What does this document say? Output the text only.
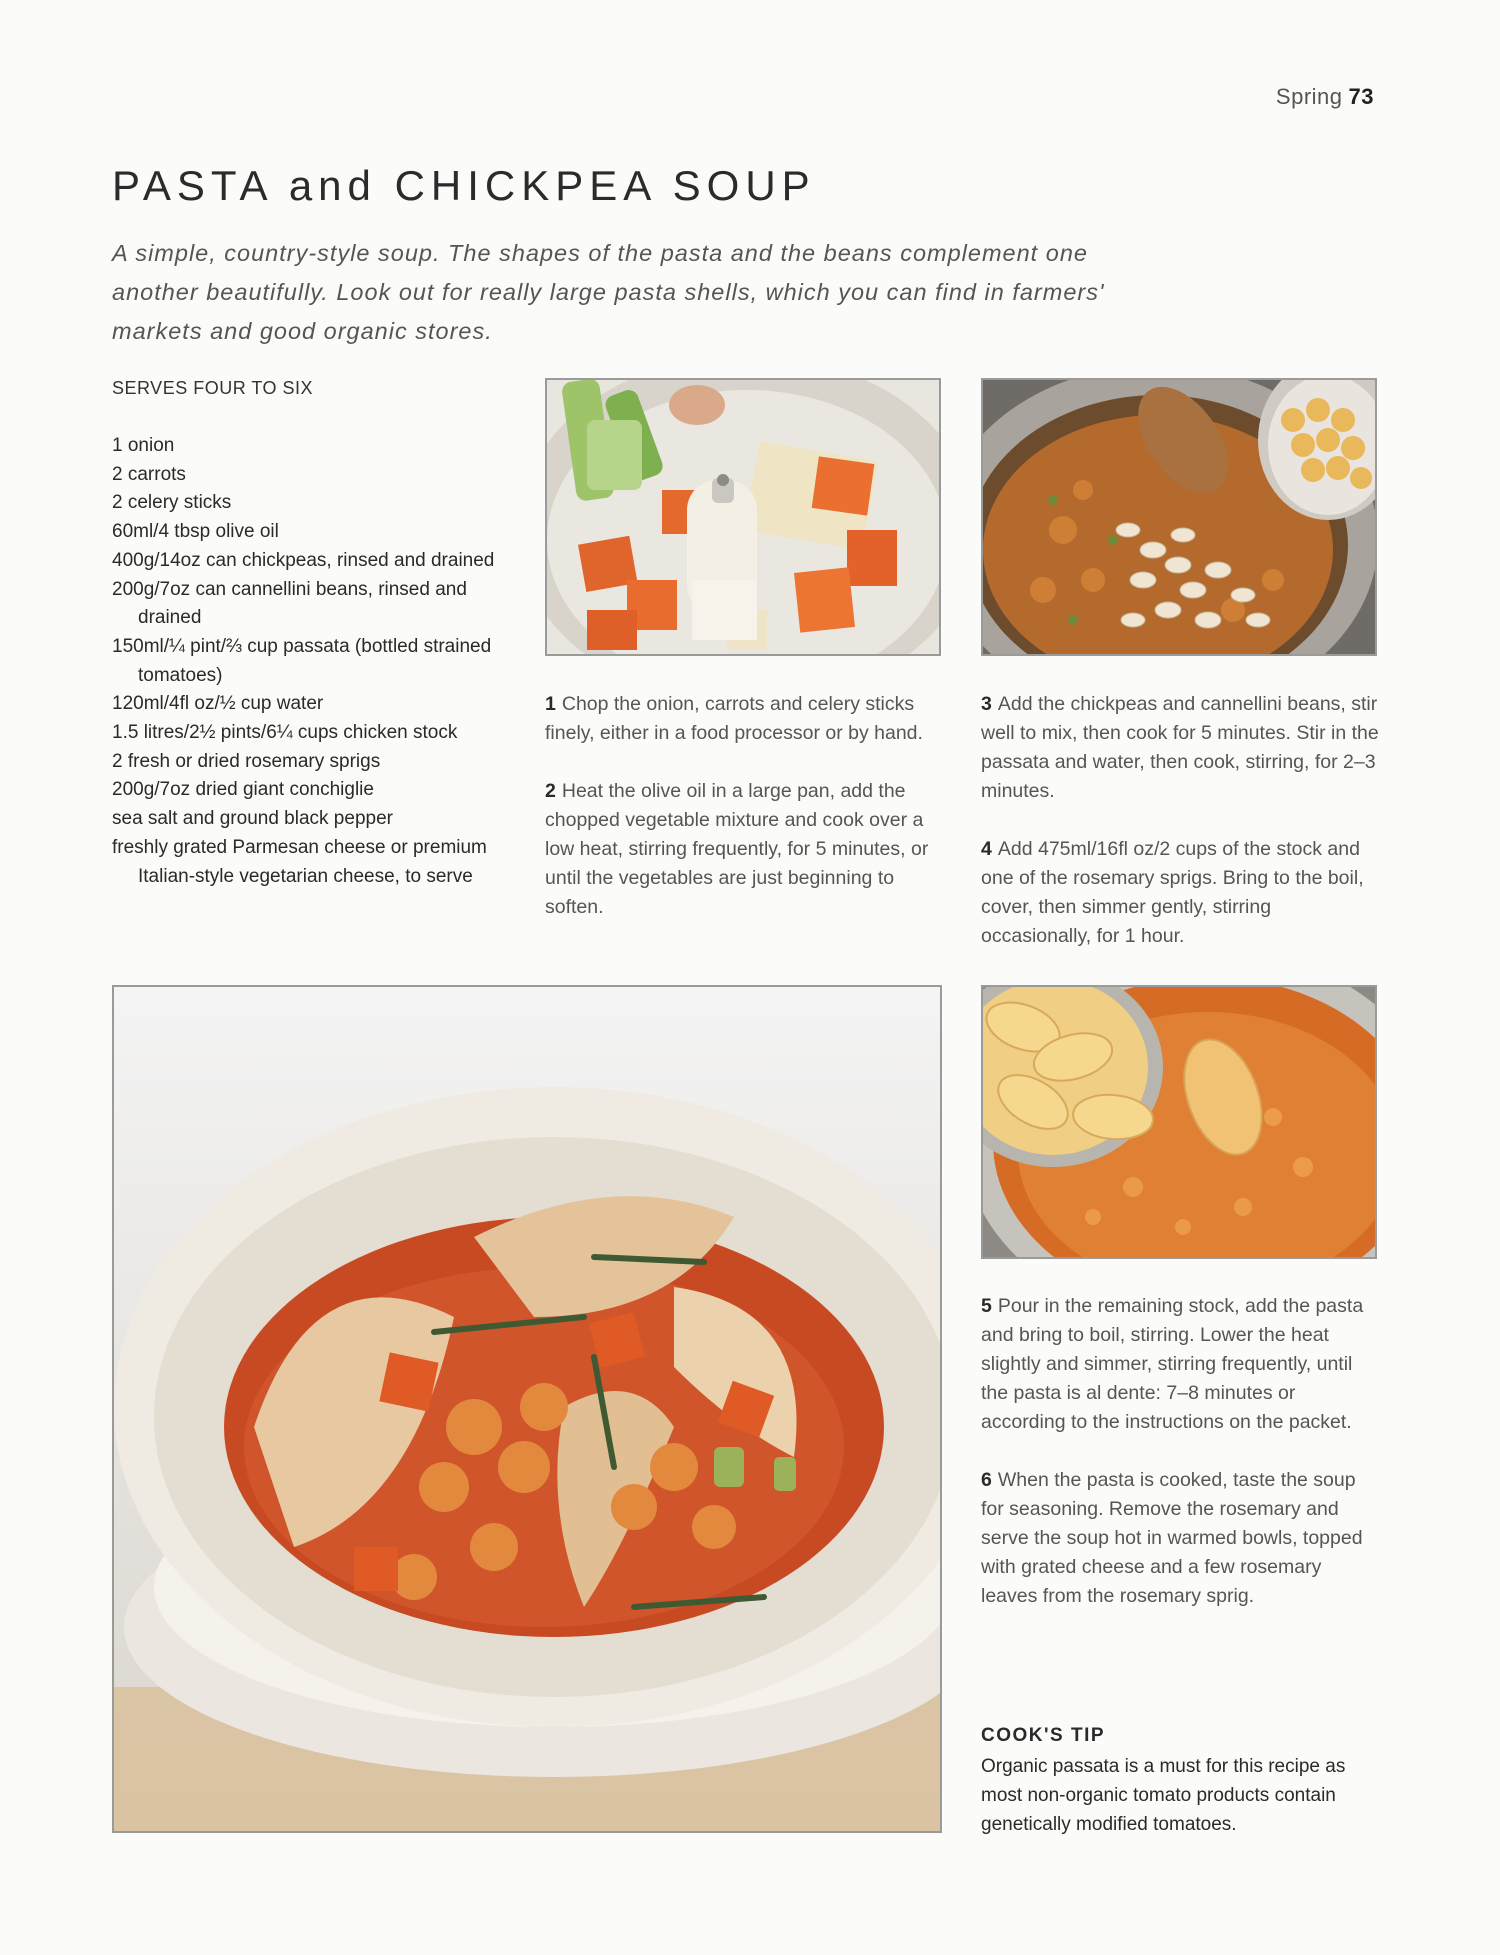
Spring 73
PASTA and CHICKPEA SOUP

A simple, country-style soup. The shapes of the pasta and the beans complement one another beautifully. Look out for really large pasta shells, which you can find in farmers' markets and good organic stores.

SERVES FOUR TO SIX
1 onion
2 carrots
2 celery sticks
60ml/4 tbsp olive oil
400g/14oz can chickpeas, rinsed and drained
200g/7oz can cannellini beans, rinsed and drained
150ml/¼ pint/⅔ cup passata (bottled strained tomatoes)
120ml/4fl oz/½ cup water
1.5 litres/2½ pints/6¼ cups chicken stock
2 fresh or dried rosemary sprigs
200g/7oz dried giant conchiglie
sea salt and ground black pepper
freshly grated Parmesan cheese or premium Italian-style vegetarian cheese, to serve

1 Chop the onion, carrots and celery sticks finely, either in a food processor or by hand.

2 Heat the olive oil in a large pan, add the chopped vegetable mixture and cook over a low heat, stirring frequently, for 5 minutes, or until the vegetables are just beginning to soften.

3 Add the chickpeas and cannellini beans, stir well to mix, then cook for 5 minutes. Stir in the passata and water, then cook, stirring, for 2–3 minutes.

4 Add 475ml/16fl oz/2 cups of the stock and one of the rosemary sprigs. Bring to the boil, cover, then simmer gently, stirring occasionally, for 1 hour.

5 Pour in the remaining stock, add the pasta and bring to boil, stirring. Lower the heat slightly and simmer, stirring frequently, until the pasta is al dente: 7–8 minutes or according to the instructions on the packet.

6 When the pasta is cooked, taste the soup for seasoning. Remove the rosemary and serve the soup hot in warmed bowls, topped with grated cheese and a few rosemary leaves from the rosemary sprig.

COOK'S TIP

Organic passata is a must for this recipe as most non-organic tomato products contain genetically modified tomatoes.
